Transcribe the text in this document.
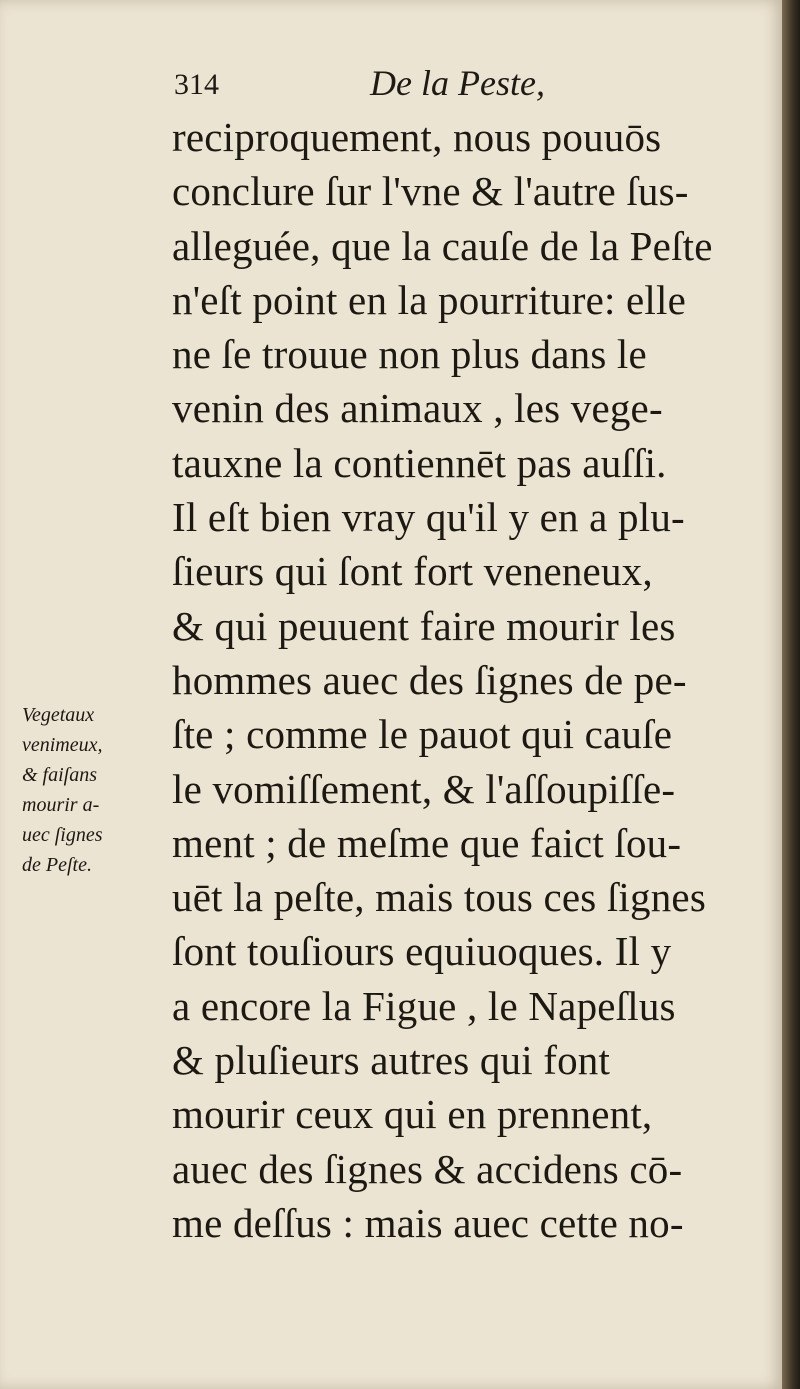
314	De la Peste,
reciproquement, nous pouuōs
conclure ſur l'vne & l'autre ſus-
alleguée, que la cauſe de la Peſte
n'eſt point en la pourriture: elle
ne ſe trouue non plus dans le
venin des animaux , les vege-
tauxne la contiennēt pas auſſi.
Il eſt bien vray qu'il y en a plu-
ſieurs qui ſont fort veneneux,
& qui peuuent faire mourir les
hommes auec des ſignes de pe-
ſte ; comme le pauot qui cauſe
le vomiſſement, & l'aſſoupiſſe-
ment ; de meſme que faict ſou-
uēt la peſte, mais tous ces ſignes
ſont touſiours equiuoques. Il y
a encore la Figue , le Napeſlus
& pluſieurs autres qui font
mourir ceux qui en prennent,
auec des ſignes & accidens cō-
me deſſus : mais auec cette no-
Vegetaux
venimeux,
& faiſans
mourir a-
uec ſignes
de Peſte.
